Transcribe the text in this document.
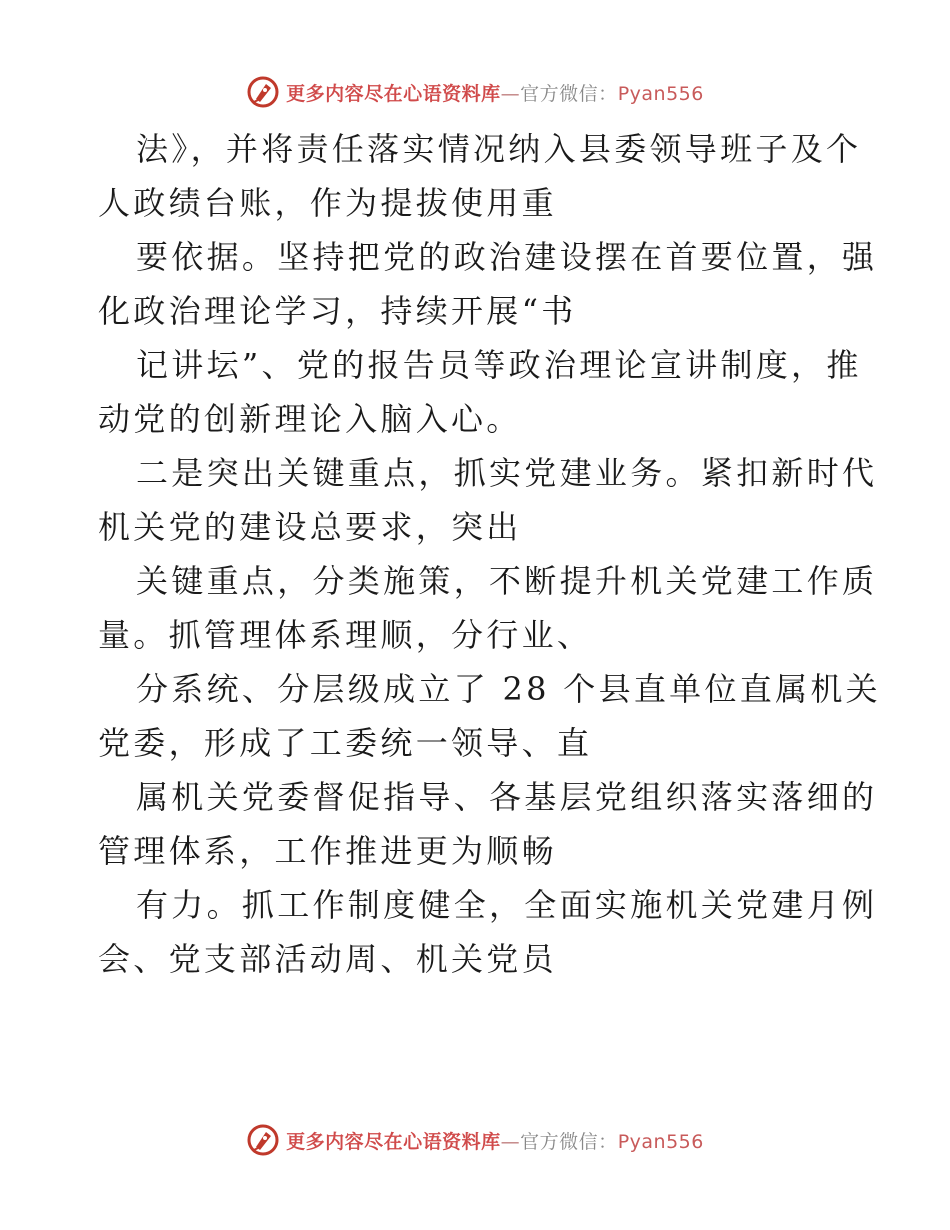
更多内容尽在心语资料库—官方微信：Pyan556

法》，并将责任落实情况纳入县委领导班子及个
人政绩台账，作为提拔使用重

要依据。坚持把党的政治建设摆在首要位置，强
化政治理论学习，持续开展“书

记讲坛”、党的报告员等政治理论宣讲制度，推
动党的创新理论入脑入心。

二是突出关键重点，抓实党建业务。紧扣新时代
机关党的建设总要求，突出

关键重点，分类施策，不断提升机关党建工作质
量。抓管理体系理顺，分行业、

分系统、分层级成立了 28 个县直单位直属机关
党委，形成了工委统一领导、直

属机关党委督促指导、各基层党组织落实落细的
管理体系，工作推进更为顺畅

有力。抓工作制度健全，全面实施机关党建月例
会、党支部活动周、机关党员

更多内容尽在心语资料库—官方微信：Pyan556
